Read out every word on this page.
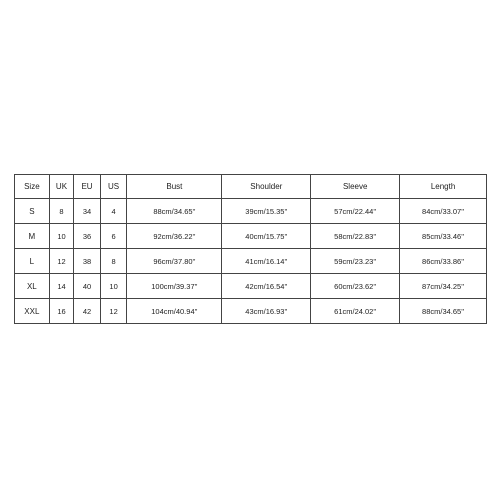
Size	UK	EU	US	Bust	Shoulder	Sleeve	Length
S	8	34	4	88cm/34.65''	39cm/15.35''	57cm/22.44''	84cm/33.07''
M	10	36	6	92cm/36.22''	40cm/15.75''	58cm/22.83''	85cm/33.46''
L	12	38	8	96cm/37.80''	41cm/16.14''	59cm/23.23''	86cm/33.86''
XL	14	40	10	100cm/39.37''	42cm/16.54''	60cm/23.62''	87cm/34.25''
XXL	16	42	12	104cm/40.94''	43cm/16.93''	61cm/24.02''	88cm/34.65''
